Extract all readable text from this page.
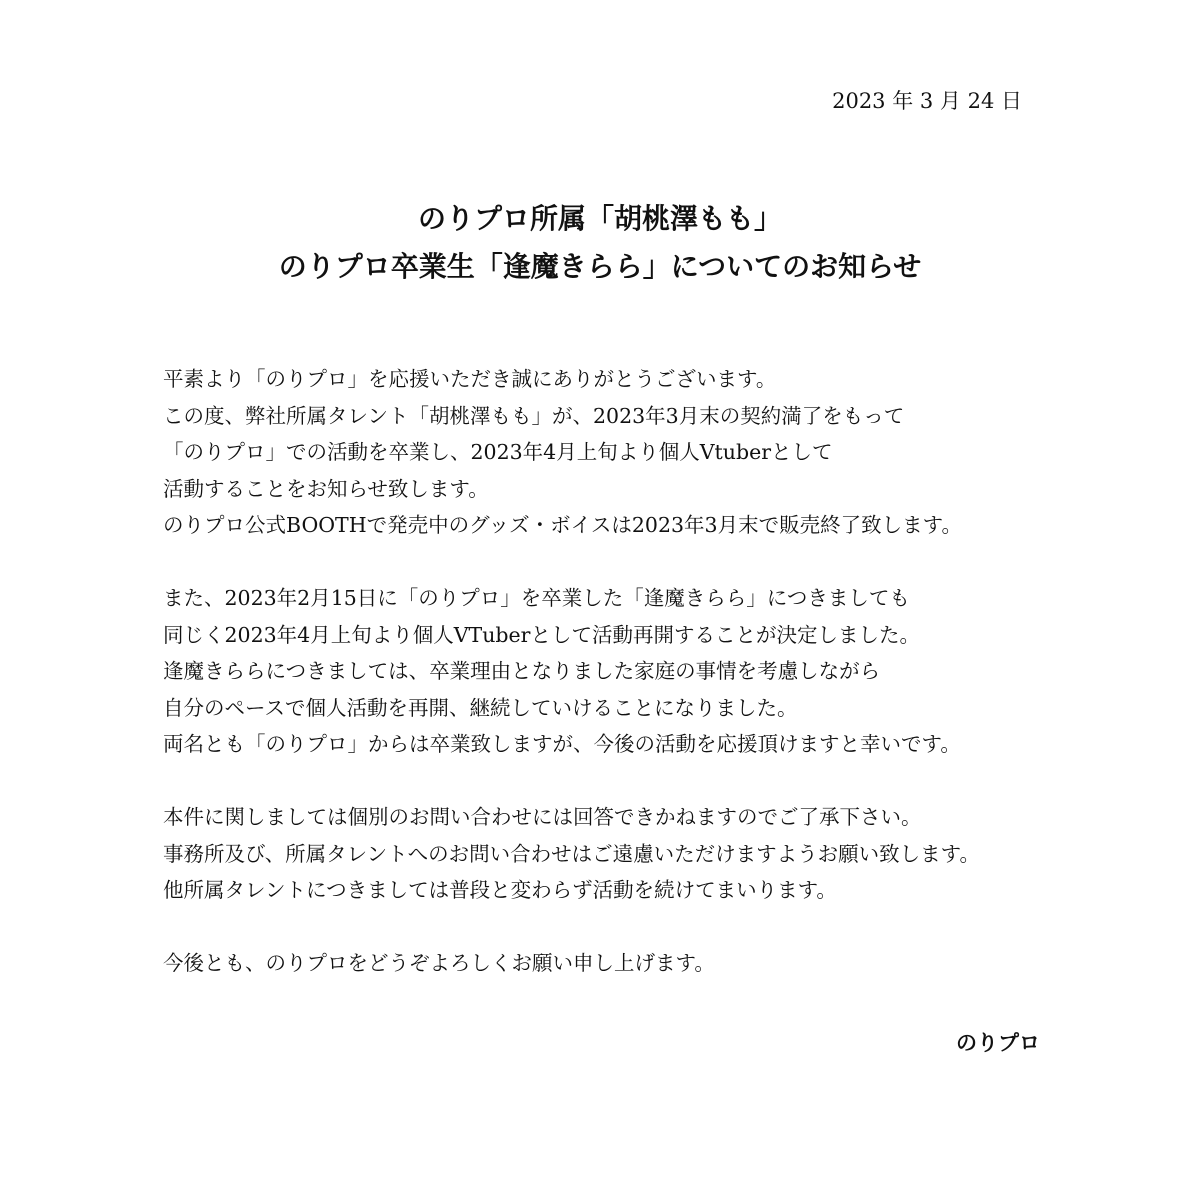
2023 年 3 月 24 日
のりプロ所属「胡桃澤もも」
のりプロ卒業生「逢魔きらら」についてのお知らせ
平素より「のりプロ」を応援いただき誠にありがとうございます。
この度、弊社所属タレント「胡桃澤もも」が、2023年3月末の契約満了をもって
「のりプロ」での活動を卒業し、2023年4月上旬より個人Vtuberとして
活動することをお知らせ致します。
のりプロ公式BOOTHで発売中のグッズ・ボイスは2023年3月末で販売終了致します。
また、2023年2月15日に「のりプロ」を卒業した「逢魔きらら」につきましても
同じく2023年4月上旬より個人VTuberとして活動再開することが決定しました。
逢魔きららにつきましては、卒業理由となりました家庭の事情を考慮しながら
自分のペースで個人活動を再開、継続していけることになりました。
両名とも「のりプロ」からは卒業致しますが、今後の活動を応援頂けますと幸いです。
本件に関しましては個別のお問い合わせには回答できかねますのでご了承下さい。
事務所及び、所属タレントへのお問い合わせはご遠慮いただけますようお願い致します。
他所属タレントにつきましては普段と変わらず活動を続けてまいります。
今後とも、のりプロをどうぞよろしくお願い申し上げます。
のりプロ
